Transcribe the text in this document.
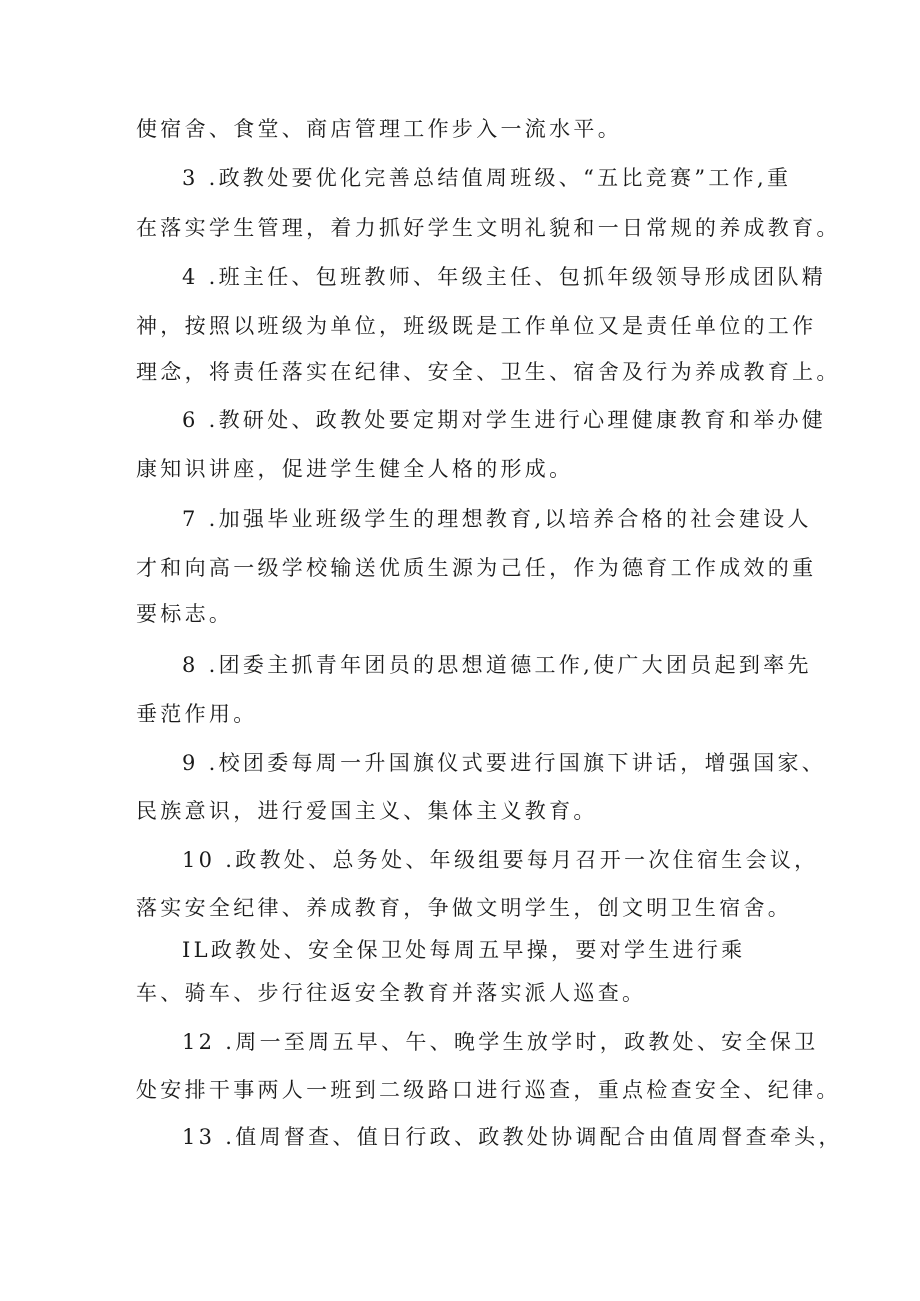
使宿舍、食堂、商店管理工作步入一流水平。
3 .政教处要优化完善总结值周班级、“五比竞赛”工作,重
在落实学生管理，着力抓好学生文明礼貌和一日常规的养成教育。
4 .班主任、包班教师、年级主任、包抓年级领导形成团队精
神，按照以班级为单位，班级既是工作单位又是责任单位的工作
理念，将责任落实在纪律、安全、卫生、宿舍及行为养成教育上。
6 .教研处、政教处要定期对学生进行心理健康教育和举办健
康知识讲座，促进学生健全人格的形成。
7 .加强毕业班级学生的理想教育,以培养合格的社会建设人
才和向高一级学校输送优质生源为己任，作为德育工作成效的重
要标志。
8 .团委主抓青年团员的思想道德工作,使广大团员起到率先
垂范作用。
9 .校团委每周一升国旗仪式要进行国旗下讲话，增强国家、
民族意识，进行爱国主义、集体主义教育。
10 .政教处、总务处、年级组要每月召开一次住宿生会议，
落实安全纪律、养成教育，争做文明学生，创文明卫生宿舍。
IL政教处、安全保卫处每周五早操，要对学生进行乘
车、骑车、步行往返安全教育并落实派人巡查。
12 .周一至周五早、午、晚学生放学时，政教处、安全保卫
处安排干事两人一班到二级路口进行巡查，重点检查安全、纪律。
13 .值周督查、值日行政、政教处协调配合由值周督查牵头，
